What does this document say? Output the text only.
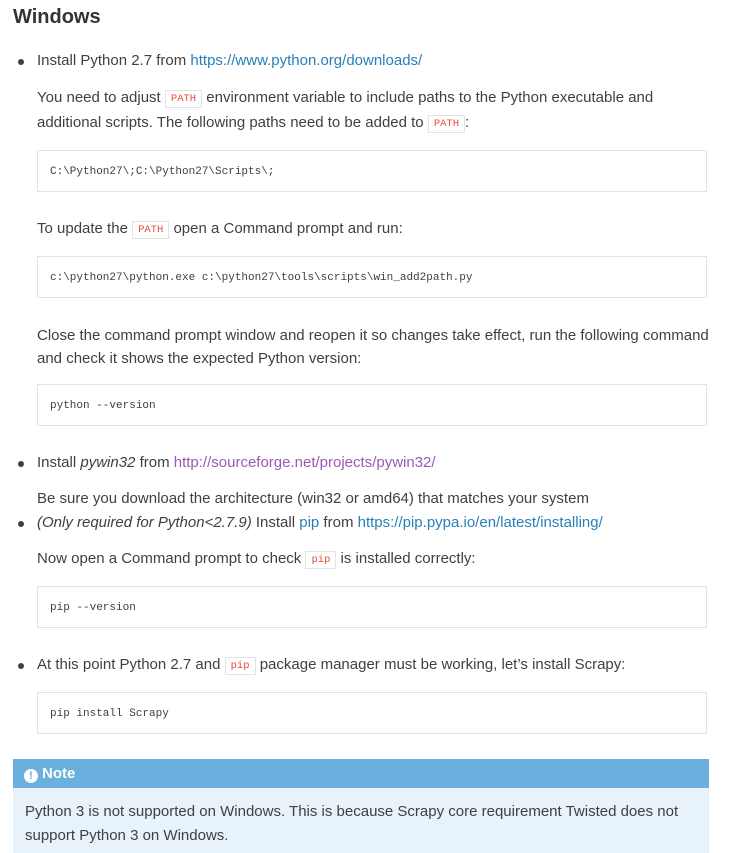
Windows

Install Python 2.7 from https://www.python.org/downloads/

You need to adjust PATH environment variable to include paths to the Python executable and additional scripts. The following paths need to be added to PATH :

C:\Python27\;C:\Python27\Scripts\;

To update the PATH open a Command prompt and run:

c:\python27\python.exe c:\python27\tools\scripts\win_add2path.py

Close the command prompt window and reopen it so changes take effect, run the following command and check it shows the expected Python version:

python --version

Install pywin32 from http://sourceforge.net/projects/pywin32/

Be sure you download the architecture (win32 or amd64) that matches your system

(Only required for Python<2.7.9) Install pip from https://pip.pypa.io/en/latest/installing/

Now open a Command prompt to check pip is installed correctly:

pip --version

At this point Python 2.7 and pip package manager must be working, let’s install Scrapy:

pip install Scrapy
! Note
Python 3 is not supported on Windows. This is because Scrapy core requirement Twisted does not support Python 3 on Windows.
